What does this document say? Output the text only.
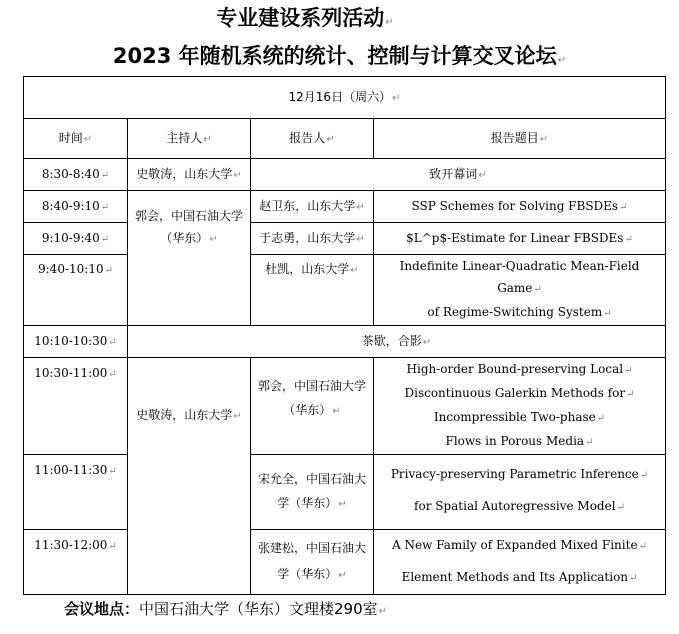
专业建设系列活动↵
2023 年随机系统的统计、控制与计算交叉论坛↵
12月16日（周六）↵			
时间↵	主持人↵	报告人↵	报告题目↵
8:30-8:40↵	史敬涛，山东大学↵	致开幕词↵	
8:40-9:10↵	郭会，中国石油大学（华东）↵	赵卫东，山东大学↵	SSP Schemes for Solving FBSDEs↵
9:10-9:40↵		于志勇，山东大学↵	$L^p$-Estimate for Linear FBSDEs↵
9:40-10:10↵		杜凯，山东大学↵	Indefinite Linear-Quadratic Mean-Field Game↵
of Regime-Switching System↵
10:10-10:30↵	茶歇，合影↵		
10:30-11:00↵	史敬涛，山东大学↵	郭会，中国石油大学（华东）↵	High-order Bound-preserving Local↵
Discontinuous Galerkin Methods for↵
Incompressible Two-phase↵
Flows in Porous Media↵
11:00-11:30↵		宋允全，中国石油大学（华东）↵	Privacy-preserving Parametric Inference↵
for Spatial Autoregressive Model↵
11:30-12:00↵		张建松，中国石油大学（华东）↵	A New Family of Expanded Mixed Finite↵
Element Methods and Its Application↵
会议地点：中国石油大学（华东）文理楼290室↵
